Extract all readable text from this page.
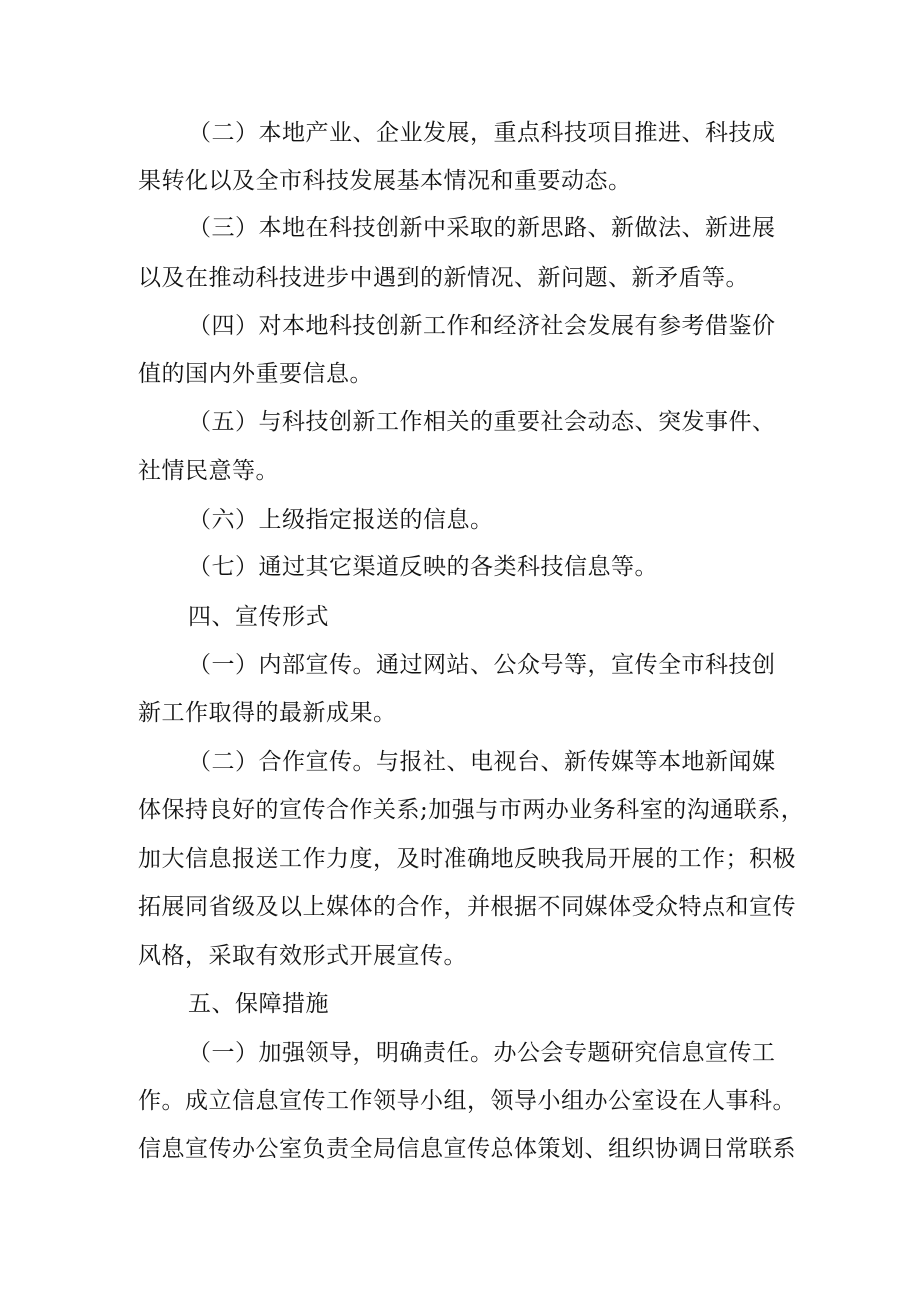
（二）本地产业、企业发展，重点科技项目推进、科技成
果转化以及全市科技发展基本情况和重要动态。
（三）本地在科技创新中采取的新思路、新做法、新进展
以及在推动科技进步中遇到的新情况、新问题、新矛盾等。
（四）对本地科技创新工作和经济社会发展有参考借鉴价
值的国内外重要信息。
（五）与科技创新工作相关的重要社会动态、突发事件、
社情民意等。
（六）上级指定报送的信息。
（七）通过其它渠道反映的各类科技信息等。
四、宣传形式
（一）内部宣传。通过网站、公众号等，宣传全市科技创
新工作取得的最新成果。
（二）合作宣传。与报社、电视台、新传媒等本地新闻媒
体保持良好的宣传合作关系;加强与市两办业务科室的沟通联系，
加大信息报送工作力度，及时准确地反映我局开展的工作；积极
拓展同省级及以上媒体的合作，并根据不同媒体受众特点和宣传
风格，采取有效形式开展宣传。
五、保障措施
（一）加强领导，明确责任。办公会专题研究信息宣传工
作。成立信息宣传工作领导小组，领导小组办公室设在人事科。
信息宣传办公室负责全局信息宣传总体策划、组织协调日常联系
